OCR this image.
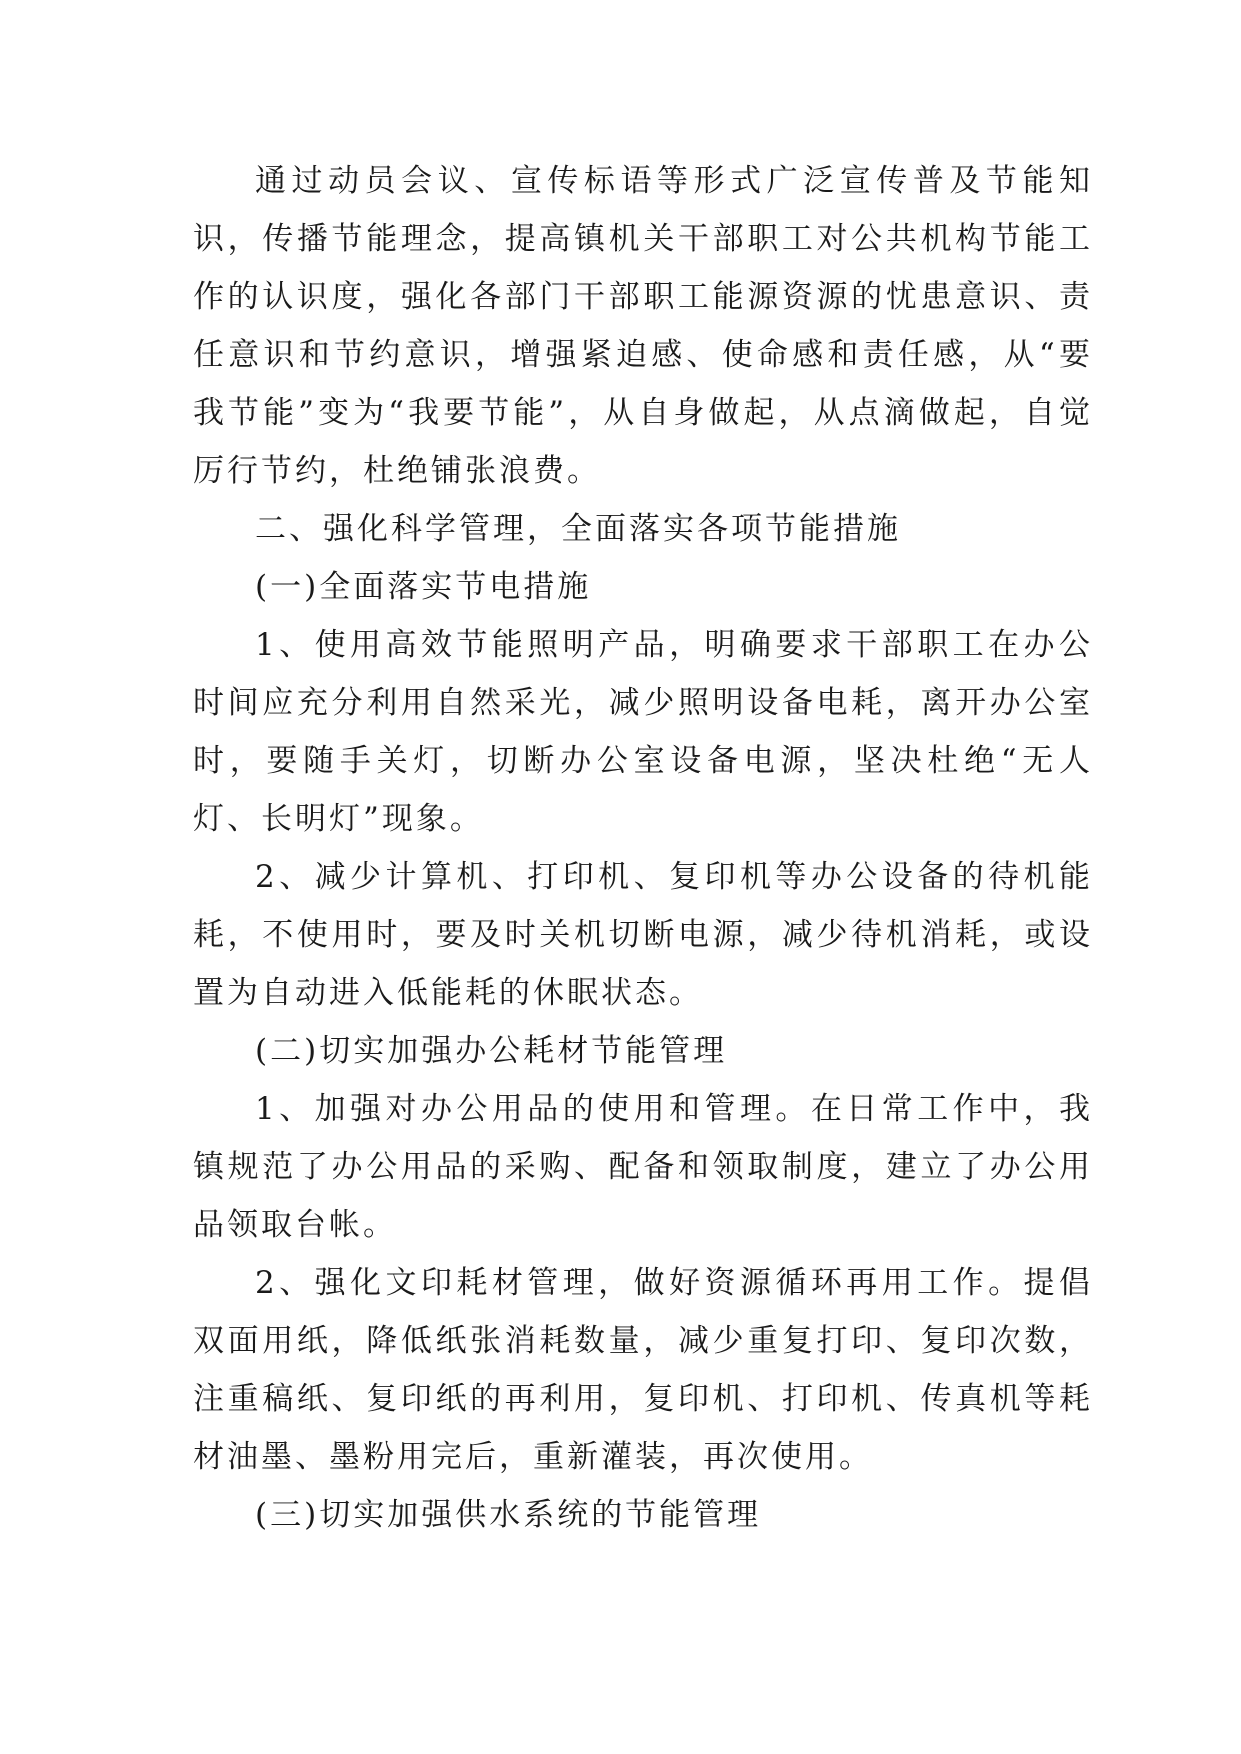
通过动员会议、宣传标语等形式广泛宣传普及节能知识，传播节能理念，提高镇机关干部职工对公共机构节能工作的认识度，强化各部门干部职工能源资源的忧患意识、责任意识和节约意识，增强紧迫感、使命感和责任感，从“要我节能”变为“我要节能”，从自身做起，从点滴做起，自觉厉行节约，杜绝铺张浪费。

二、强化科学管理，全面落实各项节能措施

(一)全面落实节电措施

1、使用高效节能照明产品，明确要求干部职工在办公时间应充分利用自然采光，减少照明设备电耗，离开办公室时，要随手关灯，切断办公室设备电源，坚决杜绝“无人灯、长明灯”现象。

2、减少计算机、打印机、复印机等办公设备的待机能耗，不使用时，要及时关机切断电源，减少待机消耗，或设置为自动进入低能耗的休眠状态。

(二)切实加强办公耗材节能管理

1、加强对办公用品的使用和管理。在日常工作中，我镇规范了办公用品的采购、配备和领取制度，建立了办公用品领取台帐。

2、强化文印耗材管理，做好资源循环再用工作。提倡双面用纸，降低纸张消耗数量，减少重复打印、复印次数，注重稿纸、复印纸的再利用，复印机、打印机、传真机等耗材油墨、墨粉用完后，重新灌装，再次使用。

(三)切实加强供水系统的节能管理
